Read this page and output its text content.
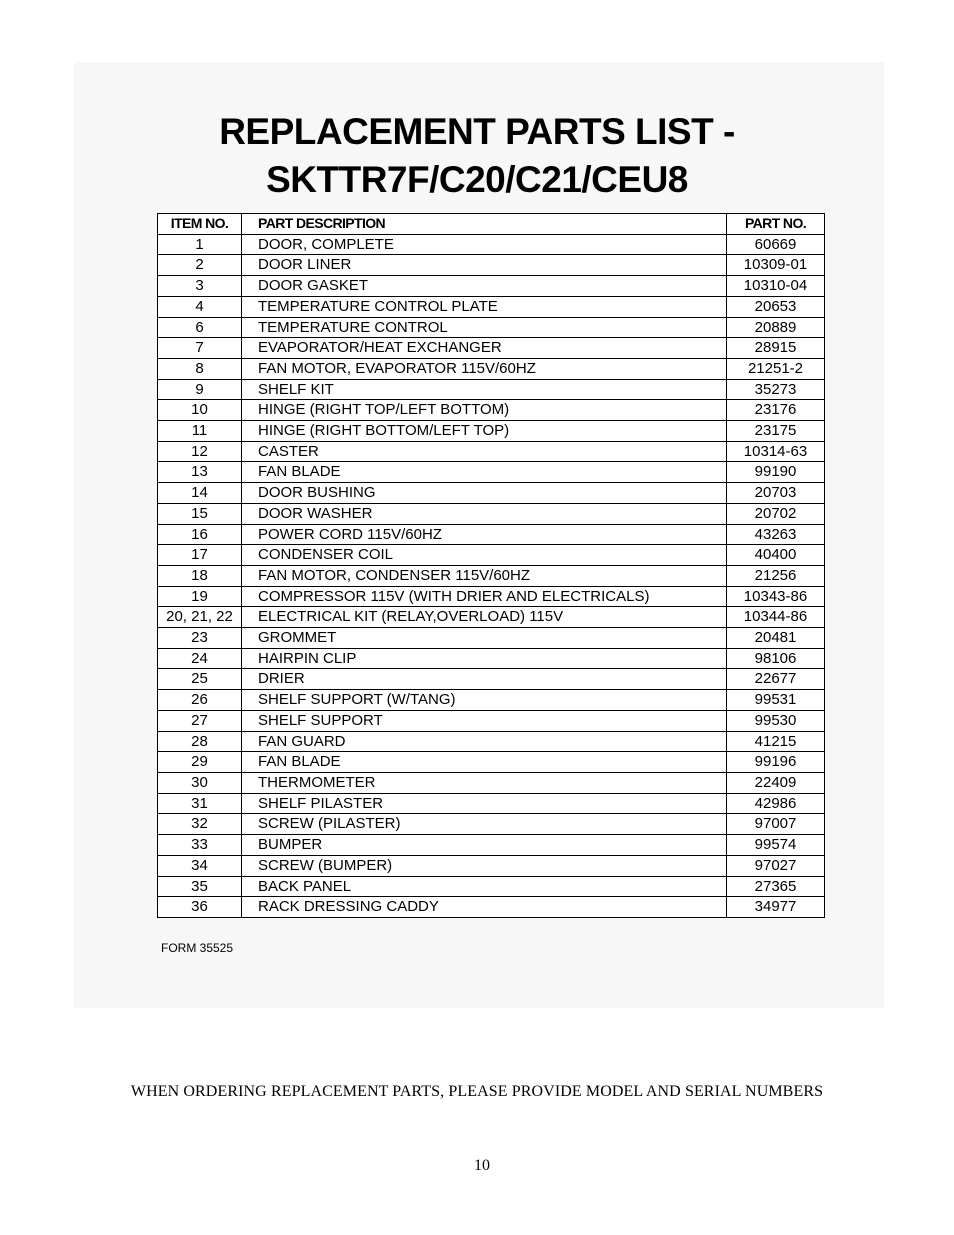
REPLACEMENT PARTS LIST -
SKTTR7F/C20/C21/CEU8
ITEM NO.	PART DESCRIPTION	PART NO.
1	DOOR, COMPLETE	60669
2	DOOR LINER	10309-01
3	DOOR GASKET	10310-04
4	TEMPERATURE CONTROL PLATE	20653
6	TEMPERATURE CONTROL	20889
7	EVAPORATOR/HEAT EXCHANGER	28915
8	FAN MOTOR, EVAPORATOR 115V/60HZ	21251-2
9	SHELF KIT	35273
10	HINGE (RIGHT TOP/LEFT BOTTOM)	23176
11	HINGE (RIGHT BOTTOM/LEFT TOP)	23175
12	CASTER	10314-63
13	FAN BLADE	99190
14	DOOR BUSHING	20703
15	DOOR WASHER	20702
16	POWER CORD 115V/60HZ	43263
17	CONDENSER COIL	40400
18	FAN MOTOR, CONDENSER 115V/60HZ	21256
19	COMPRESSOR 115V (WITH DRIER AND ELECTRICALS)	10343-86
20, 21, 22	ELECTRICAL KIT (RELAY,OVERLOAD) 115V	10344-86
23	GROMMET	20481
24	HAIRPIN CLIP	98106
25	DRIER	22677
26	SHELF SUPPORT (W/TANG)	99531
27	SHELF SUPPORT	99530
28	FAN GUARD	41215
29	FAN BLADE	99196
30	THERMOMETER	22409
31	SHELF PILASTER	42986
32	SCREW (PILASTER)	97007
33	BUMPER	99574
34	SCREW (BUMPER)	97027
35	BACK PANEL	27365
36	RACK DRESSING CADDY	34977
FORM 35525
WHEN ORDERING REPLACEMENT PARTS, PLEASE PROVIDE MODEL AND SERIAL NUMBERS
10
